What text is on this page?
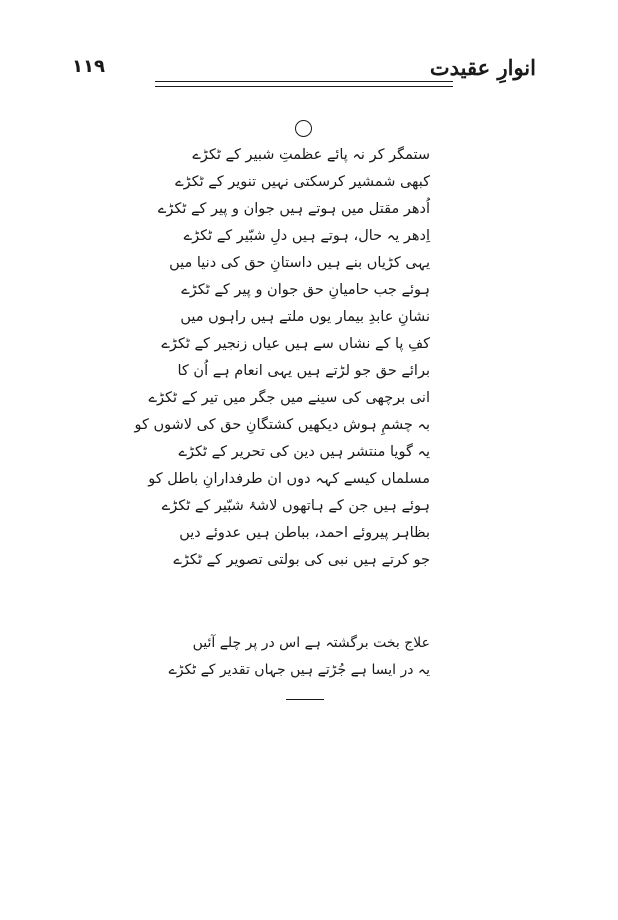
۱۱۹	انوارِ عقیدت
ستمگر کر نہ پائے عظمتِ شبیر کے ٹکڑے
کبھی شمشیر کرسکتی نہیں تنویر کے ٹکڑے
اُدھر مقتل میں ہوتے ہیں جوان و پیر کے ٹکڑے
اِدھر یہ حال، ہوتے ہیں دلِ شبّیر کے ٹکڑے
یہی کڑیاں بنے ہیں داستانِ حق کی دنیا میں
ہوئے جب حامیانِ حق جوان و پیر کے ٹکڑے
نشانِ عابدِ بیمار یوں ملتے ہیں راہوں میں
کفِ پا کے نشاں سے ہیں عیاں زنجیر کے ٹکڑے
برائے حق جو لڑتے ہیں یہی انعام ہے اُن کا
انی برچھی کی سینے میں جگر میں تیر کے ٹکڑے
بہ چشمِ ہوش دیکھیں کشتگانِ حق کی لاشوں کو
یہ گویا منتشر ہیں دین کی تحریر کے ٹکڑے
مسلماں کیسے کہہ دوں ان طرفدارانِ باطل کو
ہوئے ہیں جن کے ہاتھوں لاشۂ شبّیر کے ٹکڑے
بظاہر پیروئے احمد، بباطن ہیں عدوئے دیں
جو کرتے ہیں نبی کی بولتی تصویر کے ٹکڑے
علاج بخت برگشتہ ہے اس در پر چلے آئیں
یہ در ایسا ہے جُڑتے ہیں جہاں تقدیر کے ٹکڑے
